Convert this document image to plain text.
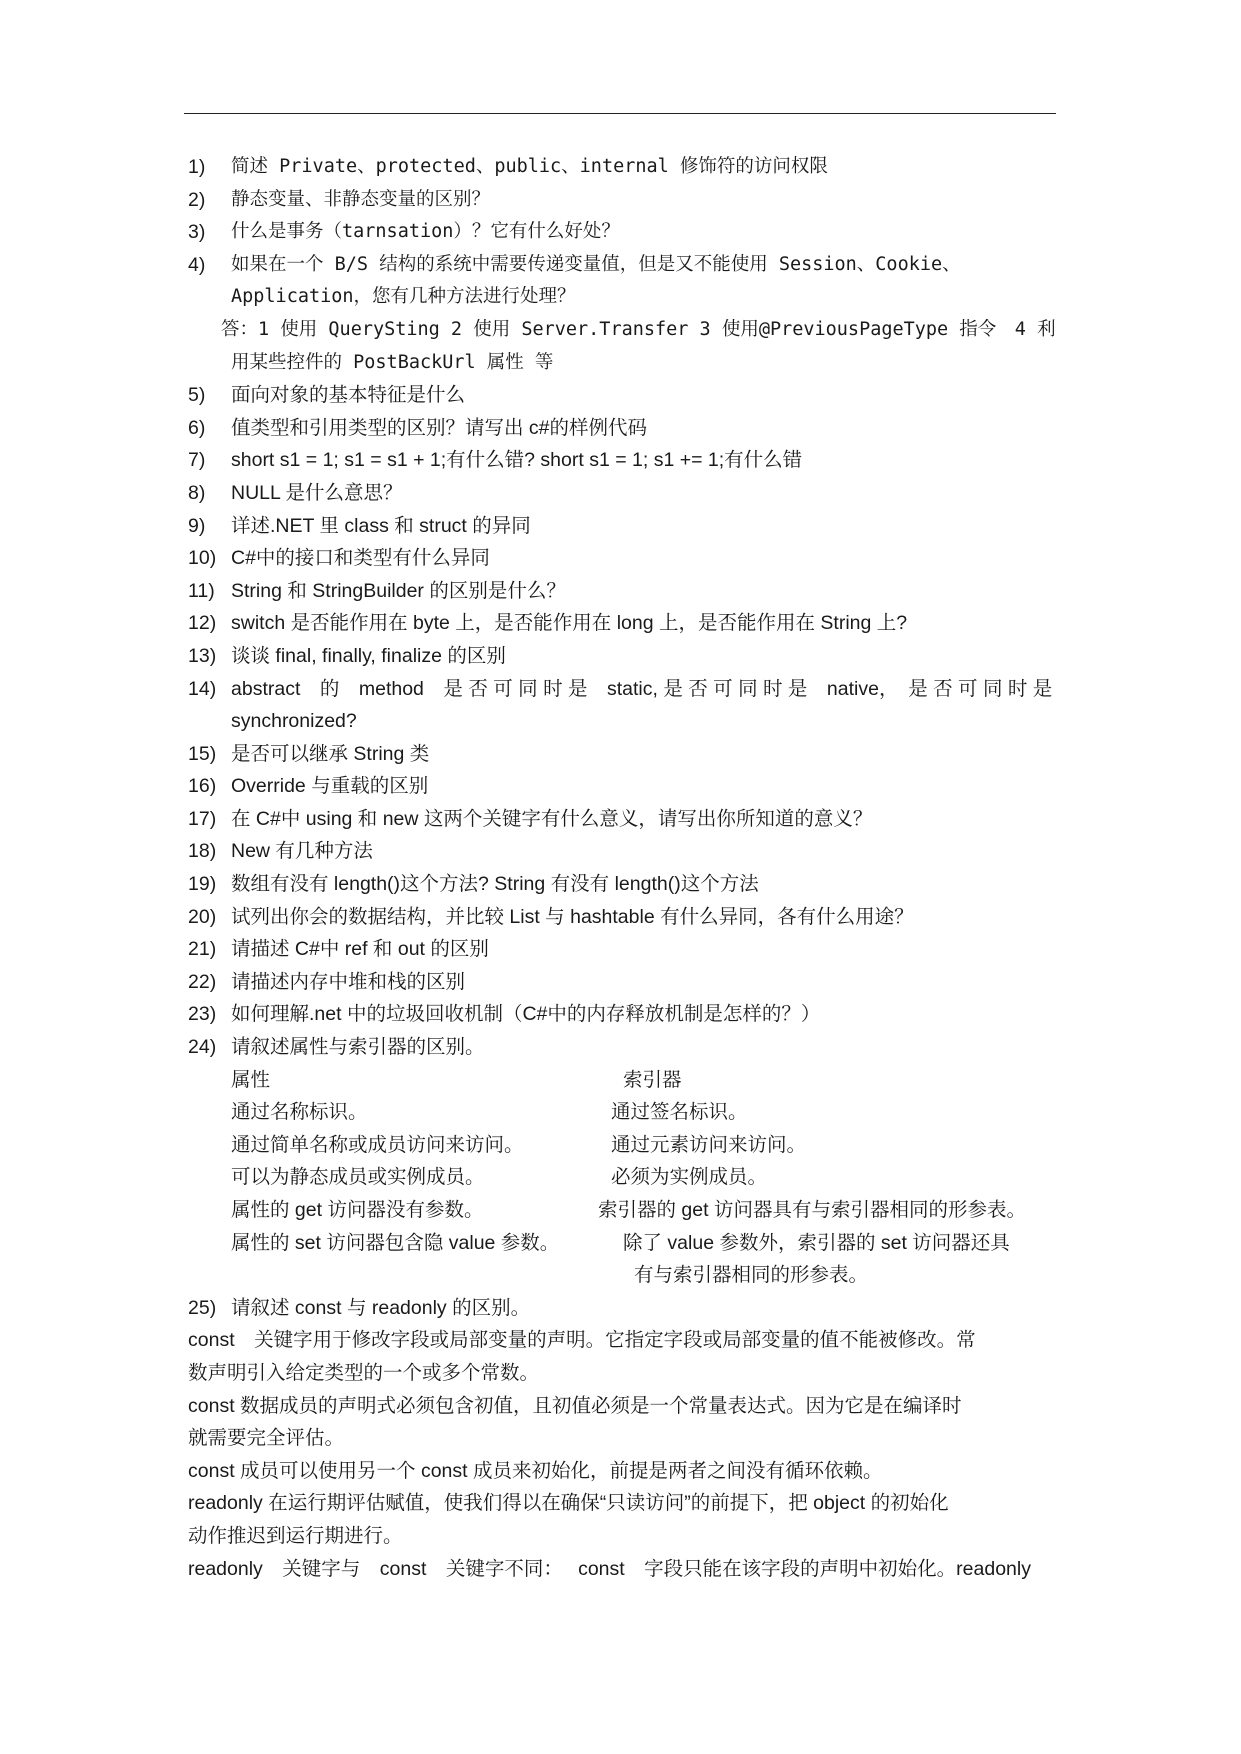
1) 简述 Private、protected、public、internal 修饰符的访问权限
2) 静态变量、非静态变量的区别？
3) 什么是事务（tarnsation）？它有什么好处？
4) 如果在一个 B/S 结构的系统中需要传递变量值，但是又不能使用 Session、Cookie、
Application，您有几种方法进行处理？
答：1 使用 QuerySting 2 使用 Server.Transfer 3 使用@PreviousPageType 指令　4 利
用某些控件的 PostBackUrl 属性 等
5) 面向对象的基本特征是什么
6) 值类型和引用类型的区别？请写出 c#的样例代码
7) short s1 = 1; s1 = s1 + 1;有什么错? short s1 = 1; s1 += 1;有什么错
8) NULL 是什么意思？
9) 详述.NET 里 class 和 struct 的异同
10) C#中的接口和类型有什么异同
11) String 和 StringBuilder 的区别是什么？
12) switch 是否能作用在 byte 上，是否能作用在 long 上，是否能作用在 String 上?
13) 谈谈 final, finally, finalize 的区别
14) abstract　的　method　是 否 可 同 时 是　static, 是 否 可 同 时 是　native，　是 否 可 同 时 是
synchronized?
15) 是否可以继承 String 类
16) Override 与重载的区别
17) 在 C#中 using 和 new 这两个关键字有什么意义，请写出你所知道的意义？
18) New 有几种方法
19) 数组有没有 length()这个方法? String 有没有 length()这个方法
20) 试列出你会的数据结构，并比较 List 与 hashtable 有什么异同，各有什么用途？
21) 请描述 C#中 ref 和 out 的区别
22) 请描述内存中堆和栈的区别
23) 如何理解.net 中的垃圾回收机制（C#中的内存释放机制是怎样的？）
24) 请叙述属性与索引器的区别。
属性	索引器
通过名称标识。	通过签名标识。
通过简单名称或成员访问来访问。	通过元素访问来访问。
可以为静态成员或实例成员。	必须为实例成员。
属性的 get 访问器没有参数。	索引器的 get 访问器具有与索引器相同的形参表。
属性的 set 访问器包含隐 value 参数。	除了 value 参数外，索引器的 set 访问器还具
有与索引器相同的形参表。
25) 请叙述 const 与 readonly 的区别。
const　关键字用于修改字段或局部变量的声明。它指定字段或局部变量的值不能被修改。常
数声明引入给定类型的一个或多个常数。
const 数据成员的声明式必须包含初值，且初值必须是一个常量表达式。因为它是在编译时
就需要完全评估。
const 成员可以使用另一个 const 成员来初始化，前提是两者之间没有循环依赖。
readonly 在运行期评估赋值，使我们得以在确保“只读访问”的前提下，把 object 的初始化
动作推迟到运行期进行。
readonly　关键字与　const　关键字不同：　 const　字段只能在该字段的声明中初始化。readonly
